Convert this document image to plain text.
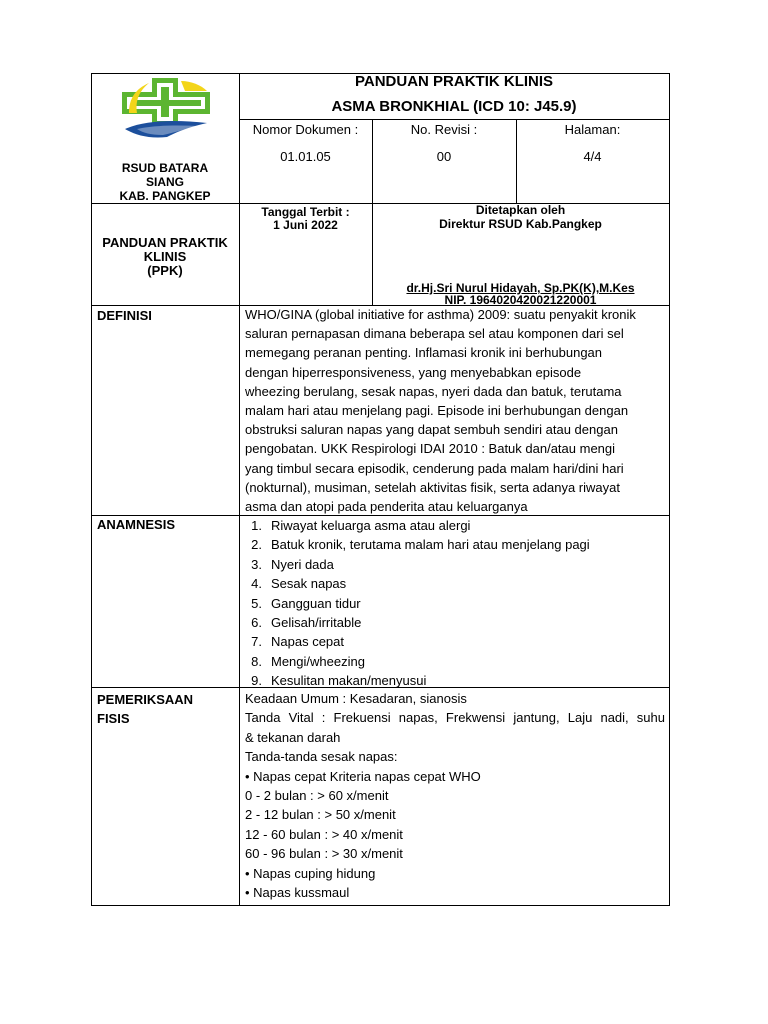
RSUD BATARA
SIANG
KAB. PANGKEP
PANDUAN PRAKTIK KLINIS
ASMA BRONKHIAL (ICD 10: J45.9)
Nomor Dokumen :
01.01.05
No. Revisi :
00
Halaman:
4/4
PANDUAN PRAKTIK
KLINIS
(PPK)
Tanggal Terbit :
1 Juni 2022
Ditetapkan oleh
Direktur RSUD Kab.Pangkep
dr.Hj.Sri Nurul Hidayah, Sp.PK(K),M.Kes
NIP. 1964020420021220001
DEFINISI	WHO/GINA (global initiative for asthma) 2009: suatu penyakit kronik
saluran pernapasan dimana beberapa sel atau komponen dari sel
memegang peranan penting. Inflamasi kronik ini berhubungan
dengan hiperresponsiveness, yang menyebabkan episode
wheezing berulang, sesak napas, nyeri dada dan batuk, terutama
malam hari atau menjelang pagi. Episode ini berhubungan dengan
obstruksi saluran napas yang dapat sembuh sendiri atau dengan
pengobatan. UKK Respirologi IDAI 2010 : Batuk dan/atau mengi
yang timbul secara episodik, cenderung pada malam hari/dini hari
(nokturnal), musiman, setelah aktivitas fisik, serta adanya riwayat
asma dan atopi pada penderita atau keluarganya
ANAMNESIS	1. Riwayat keluarga asma atau alergi
2. Batuk kronik, terutama malam hari atau menjelang pagi
3. Nyeri dada
4. Sesak napas
5. Gangguan tidur
6. Gelisah/irritable
7. Napas cepat
8. Mengi/wheezing
9. Kesulitan makan/menyusui
PEMERIKSAAN
FISIS
Keadaan Umum : Kesadaran, sianosis
Tanda Vital : Frekuensi napas, Frekwensi jantung, Laju nadi, suhu
& tekanan darah
Tanda-tanda sesak napas:
• Napas cepat Kriteria napas cepat WHO
0 - 2 bulan : > 60 x/menit
2 - 12 bulan : > 50 x/menit
12 - 60 bulan : > 40 x/menit
60 - 96 bulan : > 30 x/menit
• Napas cuping hidung
• Napas kussmaul
